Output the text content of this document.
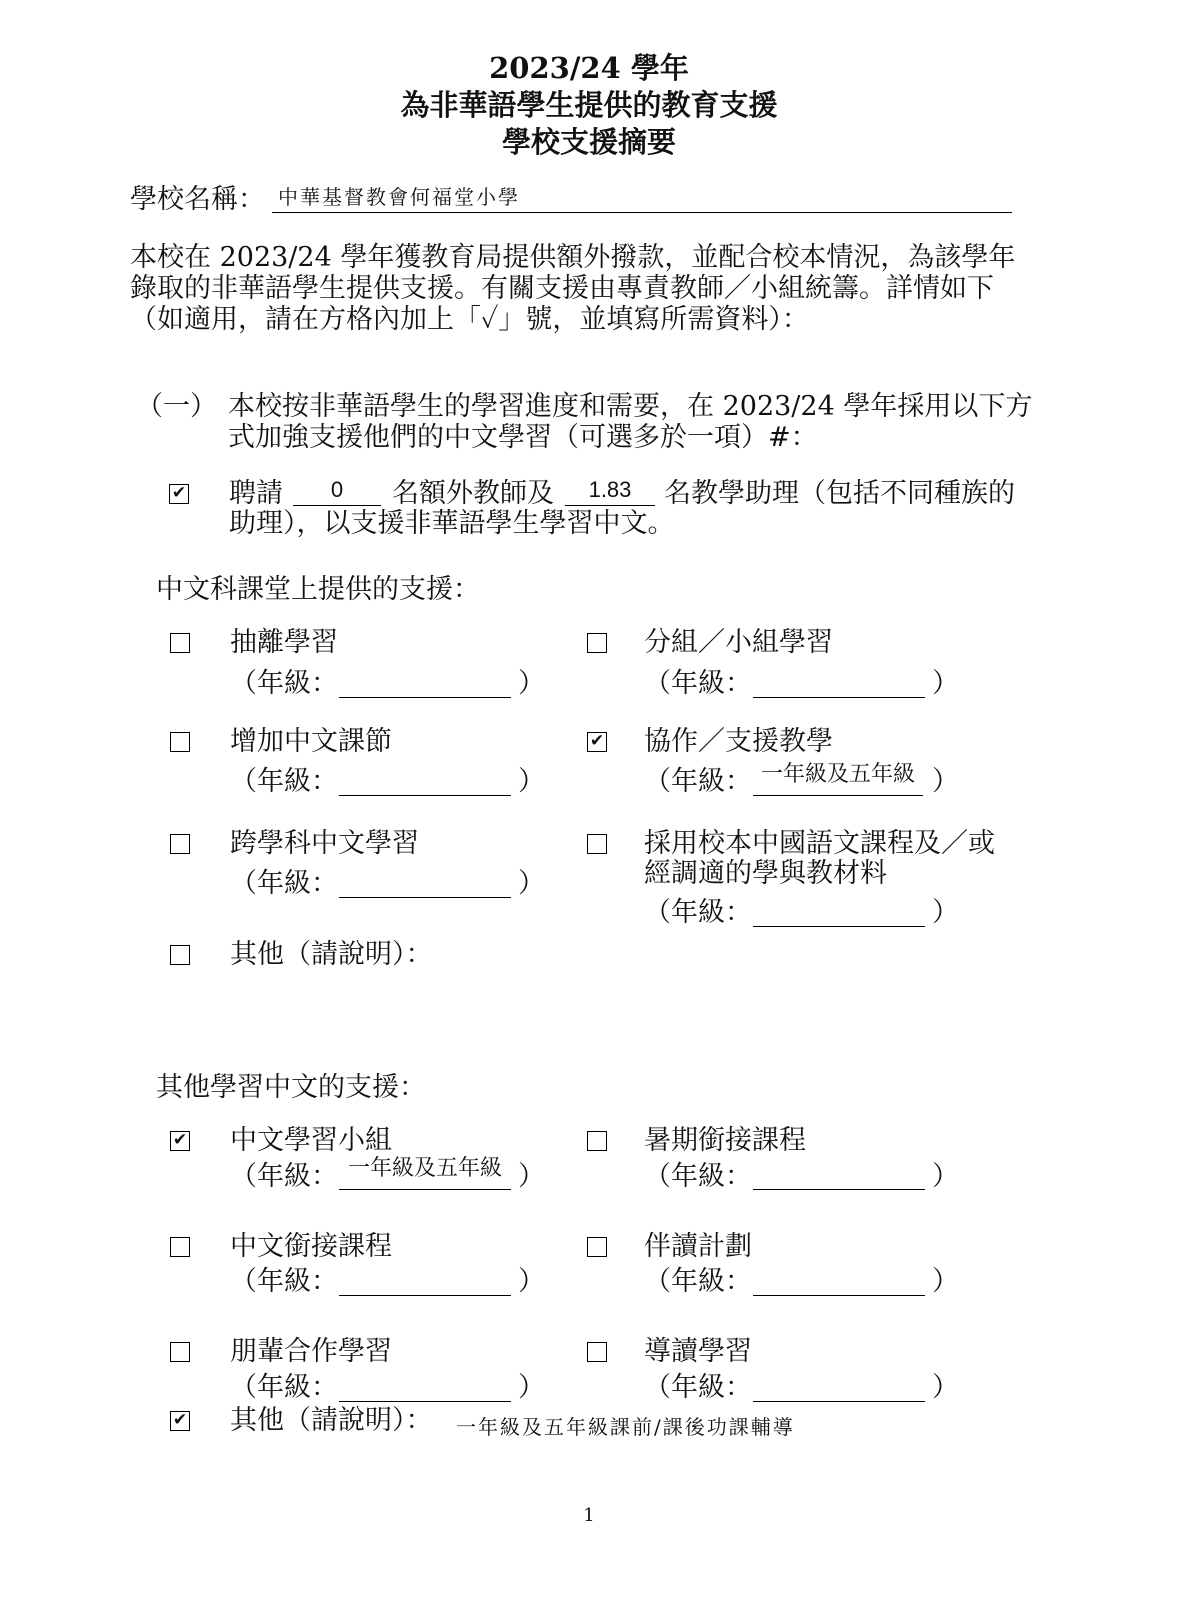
2023/24 學年
為非華語學生提供的教育支援
學校支援摘要
學校名稱： 中華基督教會何福堂小學
本校在 2023/24 學年獲教育局提供額外撥款，並配合校本情況，為該學年
錄取的非華語學生提供支援。有關支援由專責教師／小組統籌。詳情如下
（如適用，請在方格內加上「✓」號，並填寫所需資料）：
（一） 本校按非華語學生的學習進度和需要，在 2023/24 學年採用以下方
式加強支援他們的中文學習（可選多於一項）#：
✔ 聘請	0	名額外教師及	1.83	名教學助理（包括不同種族的
助理），以支援非華語學生學習中文。
中文科課堂上提供的支援：
抽離學習
（年級：	）
分組／小組學習
（年級：	）
增加中文課節
（年級：	）
✔ 協作／支援教學
（年級： 一年級及五年級 ）
跨學科中文學習
（年級：	）
採用校本中國語文課程及／或
經調適的學與教材料
（年級：	）
其他（請說明）：
其他學習中文的支援：
✔ 中文學習小組
（年級： 一年級及五年級 ）
暑期銜接課程
（年級：	）
中文銜接課程
（年級：	）
伴讀計劃
（年級：	）
朋輩合作學習
（年級：	）
導讀學習
（年級：	）
✔ 其他（請說明）： 一年級及五年級課前/課後功課輔導
1
